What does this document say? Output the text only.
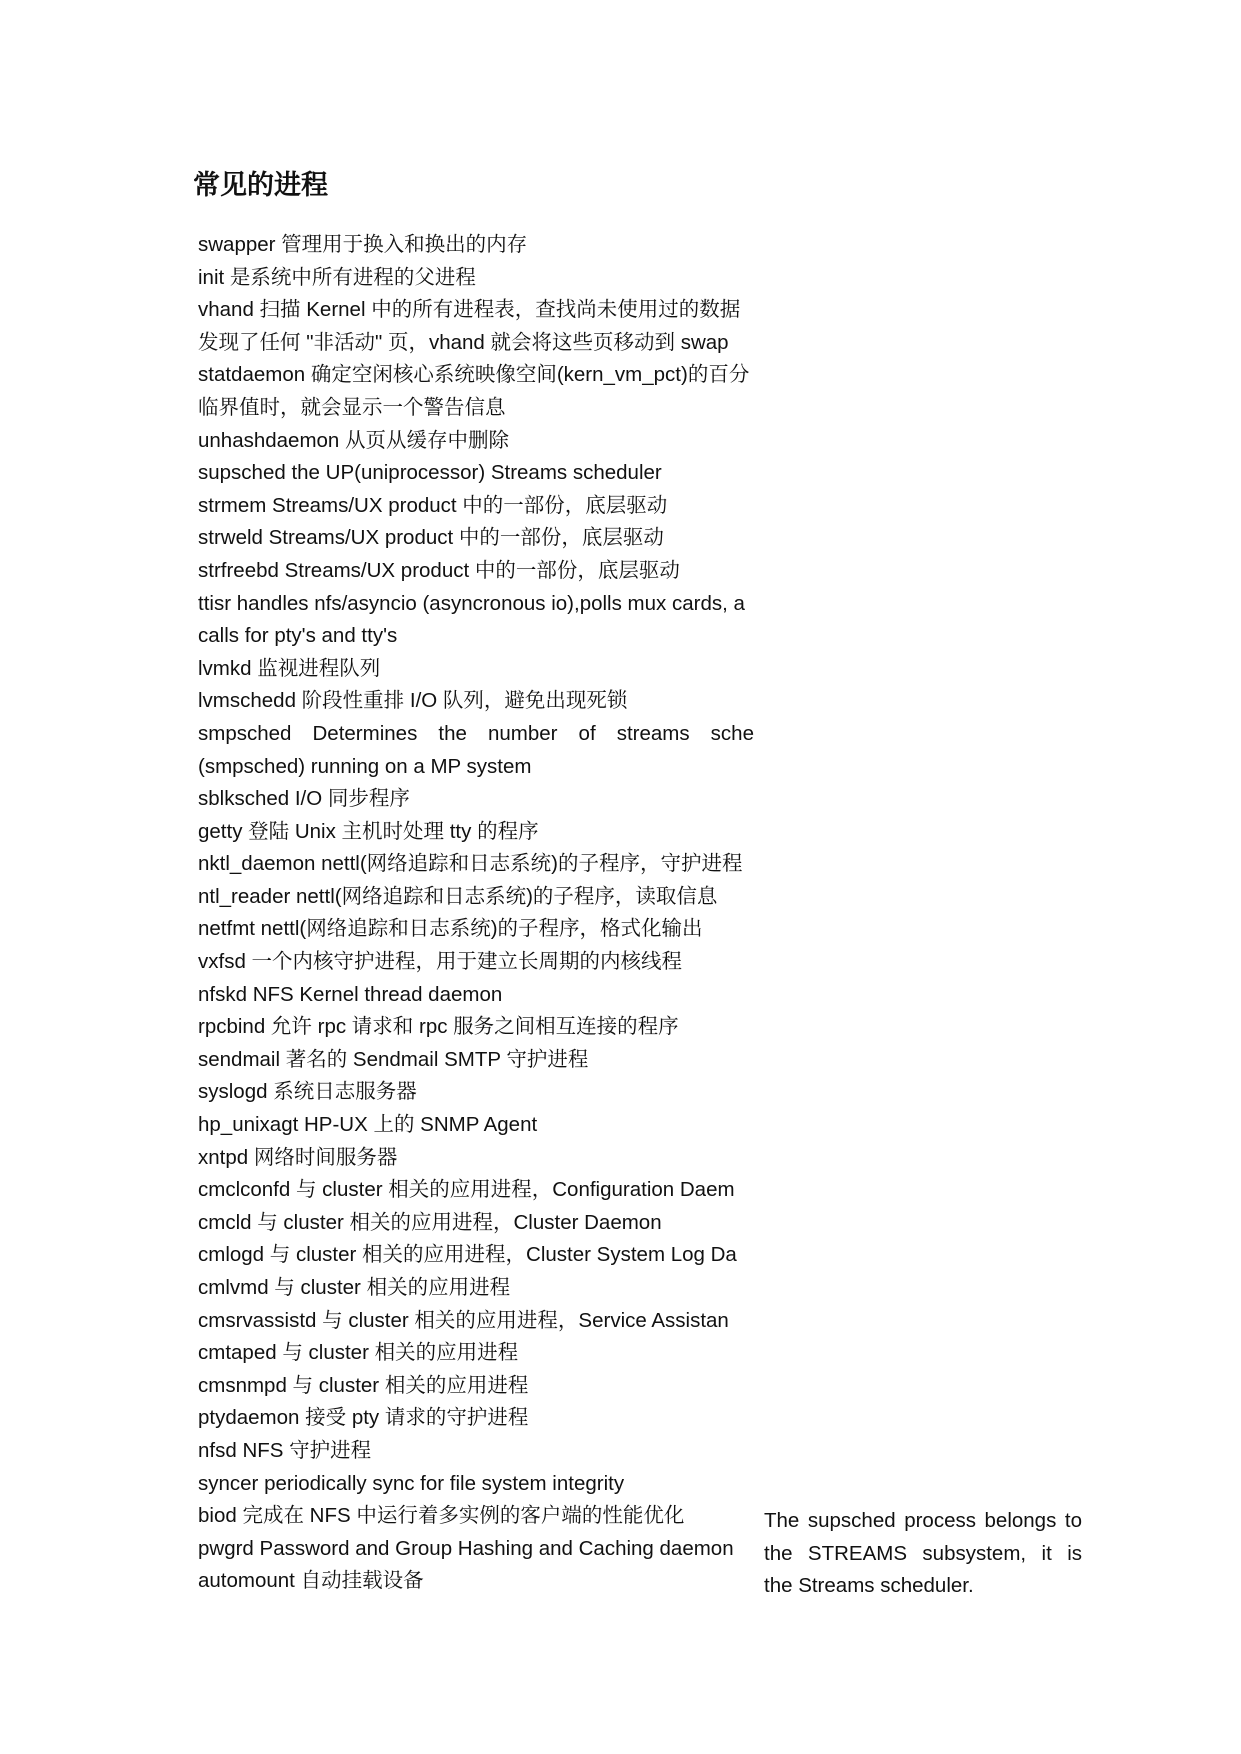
常见的进程
swapper 管理用于换入和换出的内存
init 是系统中所有进程的父进程
vhand 扫描 Kernel 中的所有进程表，查找尚未使用过的数据
发现了任何 "非活动" 页，vhand 就会将这些页移动到 swap
statdaemon 确定空闲核心系统映像空间(kern_vm_pct)的百分
临界值时，就会显示一个警告信息
unhashdaemon 从页从缓存中删除
supsched the UP(uniprocessor) Streams scheduler
strmem Streams/UX product 中的一部份，底层驱动
strweld Streams/UX product 中的一部份，底层驱动
strfreebd Streams/UX product 中的一部份，底层驱动
ttisr handles nfs/asyncio (asyncronous io),polls mux cards, a
calls for pty's and tty's
lvmkd 监视进程队列
lvmschedd 阶段性重排 I/O 队列，避免出现死锁
smpsched Determines the number of streams sche
(smpsched) running on a MP system
sblksched I/O 同步程序
getty 登陆 Unix 主机时处理 tty 的程序
nktl_daemon nettl(网络追踪和日志系统)的子程序，守护进程
ntl_reader nettl(网络追踪和日志系统)的子程序，读取信息
netfmt nettl(网络追踪和日志系统)的子程序，格式化输出
vxfsd 一个内核守护进程，用于建立长周期的内核线程
nfskd NFS Kernel thread daemon
rpcbind 允许 rpc 请求和 rpc 服务之间相互连接的程序
sendmail 著名的 Sendmail SMTP 守护进程
syslogd 系统日志服务器
hp_unixagt HP-UX 上的 SNMP Agent
xntpd 网络时间服务器
cmclconfd 与 cluster 相关的应用进程，Configuration Daem
cmcld 与 cluster 相关的应用进程，Cluster Daemon
cmlogd 与 cluster 相关的应用进程，Cluster System Log Da
cmlvmd 与 cluster 相关的应用进程
cmsrvassistd 与 cluster 相关的应用进程，Service Assistan
cmtaped 与 cluster 相关的应用进程
cmsnmpd 与 cluster 相关的应用进程
ptydaemon 接受 pty 请求的守护进程
nfsd NFS 守护进程
syncer periodically sync for file system integrity
biod 完成在 NFS 中运行着多实例的客户端的性能优化
pwgrd Password and Group Hashing and Caching daemon
automount 自动挂载设备
The supsched process belongs to
the STREAMS subsystem, it is
the Streams scheduler.
